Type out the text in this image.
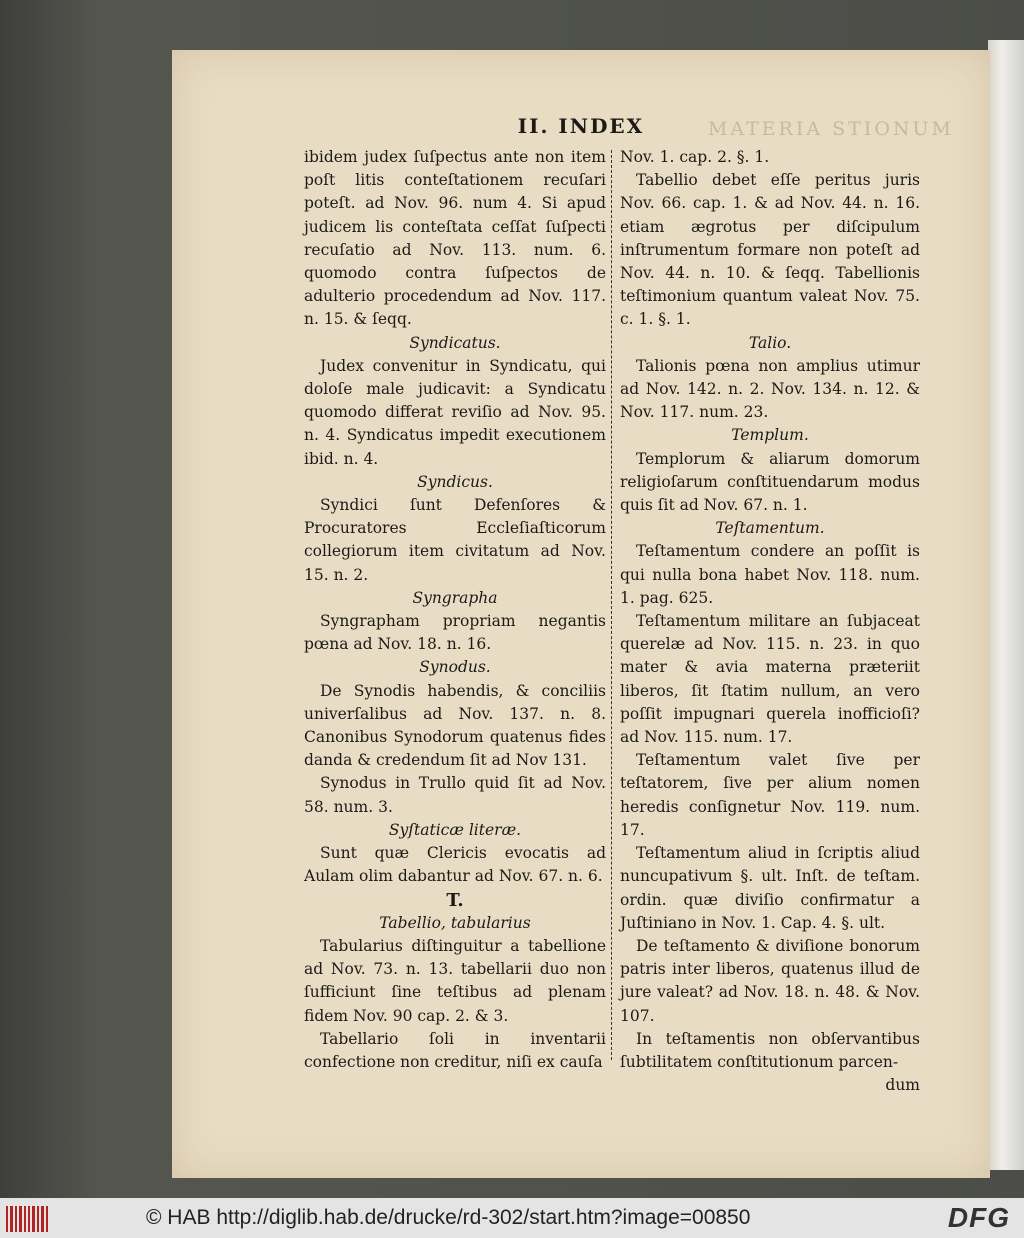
MATERIA STIONUM
II. INDEX

ibidem judex ſuſpectus ante non item poſt litis conteſtationem recuſari poteſt. ad Nov. 96. num 4. Si apud judicem lis conteſtata ceſſat ſuſpecti recuſatio ad Nov. 113. num. 6. quomodo contra ſuſpectos de adulterio procedendum ad Nov. 117. n. 15. & ſeqq.

Syndicatus.

Judex convenitur in Syndicatu, qui doloſe male judicavit: a Syndicatu quomodo differat reviſio ad Nov. 95. n. 4. Syndicatus impedit executionem ibid. n. 4.

Syndicus.

Syndici ſunt Defenſores & Procuratores Eccleſiaſticorum collegiorum item civitatum ad Nov. 15. n. 2.

Syngrapha

Syngrapham propriam negantis pœna ad Nov. 18. n. 16.

Synodus.

De Synodis habendis, & conciliis univerſalibus ad Nov. 137. n. 8. Canonibus Synodorum quatenus fides danda & credendum ſit ad Nov 131.

Synodus in Trullo quid ſit ad Nov. 58. num. 3.

Syſtaticæ literæ.

Sunt quæ Clericis evocatis ad Aulam olim dabantur ad Nov. 67. n. 6.

T.

Tabellio, tabularius

Tabularius diſtinguitur a tabellione ad Nov. 73. n. 13. tabellarii duo non ſufficiunt ſine teſtibus ad plenam fidem Nov. 90 cap. 2. & 3.

Tabellario ſoli in inventarii confectione non creditur, niſi ex cauſa

Nov. 1. cap. 2. §. 1.

Tabellio debet eſſe peritus juris Nov. 66. cap. 1. & ad Nov. 44. n. 16. etiam ægrotus per diſcipulum inſtrumentum formare non poteſt ad Nov. 44. n. 10. & ſeqq. Tabellionis teſtimonium quantum valeat Nov. 75. c. 1. §. 1.

Talio.

Talionis pœna non amplius utimur ad Nov. 142. n. 2. Nov. 134. n. 12. & Nov. 117. num. 23.

Templum.

Templorum & aliarum domorum religioſarum conſtituendarum modus quis ſit ad Nov. 67. n. 1.

Teſtamentum.

Teſtamentum condere an poſſit is qui nulla bona habet Nov. 118. num. 1. pag. 625.

Teſtamentum militare an ſubjaceat querelæ ad Nov. 115. n. 23. in quo mater & avia materna præteriit liberos, ſit ſtatim nullum, an vero poſſit impugnari querela inofficioſi? ad Nov. 115. num. 17.

Teſtamentum valet ſive per teſtatorem, ſive per alium nomen heredis conſignetur Nov. 119. num. 17.

Teſtamentum aliud in ſcriptis aliud nuncupativum §. ult. Inſt. de teſtam. ordin. quæ diviſio confirmatur a Juſtiniano in Nov. 1. Cap. 4. §. ult.

De teſtamento & diviſione bonorum patris inter liberos, quatenus illud de jure valeat? ad Nov. 18. n. 48. & Nov. 107.

In teſtamentis non obſervantibus ſubtilitatem conſtitutionum parcen-

dum

© HAB http://diglib.hab.de/drucke/rd-302/start.htm?image=00850	DFG
